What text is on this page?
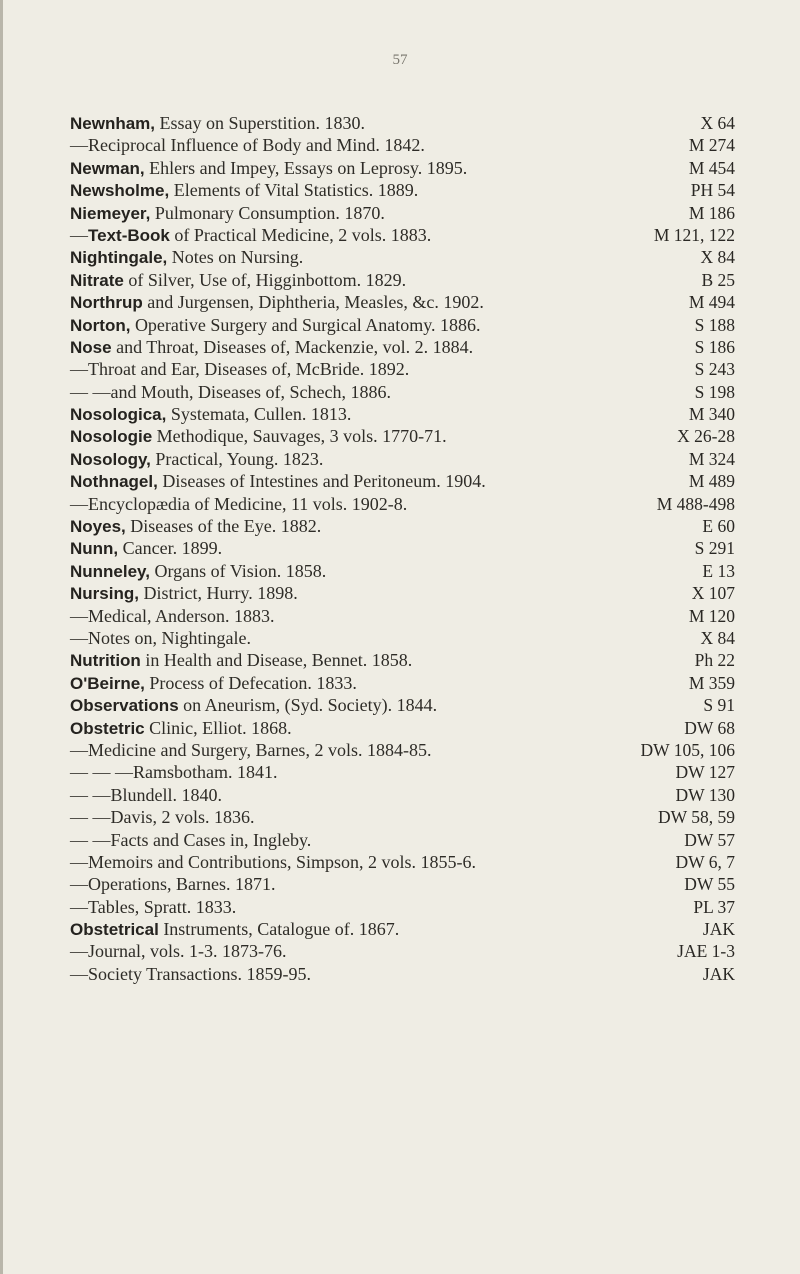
57
Newnham, Essay on Superstition. 1830.	X 64
—Reciprocal Influence of Body and Mind. 1842.	M 274
Newman, Ehlers and Impey, Essays on Leprosy. 1895.	M 454
Newsholme, Elements of Vital Statistics. 1889.	PH 54
Niemeyer, Pulmonary Consumption. 1870.	M 186
—Text-Book of Practical Medicine, 2 vols. 1883.	M 121, 122
Nightingale, Notes on Nursing.	X 84
Nitrate of Silver, Use of, Higginbottom. 1829.	B 25
Northrup and Jurgensen, Diphtheria, Measles, &c. 1902.	M 494
Norton, Operative Surgery and Surgical Anatomy. 1886.	S 188
Nose and Throat, Diseases of, Mackenzie, vol. 2. 1884.	S 186
—Throat and Ear, Diseases of, McBride. 1892.	S 243
— —and Mouth, Diseases of, Schech, 1886.	S 198
Nosologica, Systemata, Cullen. 1813.	M 340
Nosologie Methodique, Sauvages, 3 vols. 1770-71.	X 26-28
Nosology, Practical, Young. 1823.	M 324
Nothnagel, Diseases of Intestines and Peritoneum. 1904.	M 489
—Encyclopædia of Medicine, 11 vols. 1902-8.	M 488-498
Noyes, Diseases of the Eye. 1882.	E 60
Nunn, Cancer. 1899.	S 291
Nunneley, Organs of Vision. 1858.	E 13
Nursing, District, Hurry. 1898.	X 107
—Medical, Anderson. 1883.	M 120
—Notes on, Nightingale.	X 84
Nutrition in Health and Disease, Bennet. 1858.	Ph 22
O'Beirne, Process of Defecation. 1833.	M 359
Observations on Aneurism, (Syd. Society). 1844.	S 91
Obstetric Clinic, Elliot. 1868.	DW 68
—Medicine and Surgery, Barnes, 2 vols. 1884-85.	DW 105, 106
— — —Ramsbotham. 1841.	DW 127
— —Blundell. 1840.	DW 130
— —Davis, 2 vols. 1836.	DW 58, 59
— —Facts and Cases in, Ingleby.	DW 57
—Memoirs and Contributions, Simpson, 2 vols. 1855-6.	DW 6, 7
—Operations, Barnes. 1871.	DW 55
—Tables, Spratt. 1833.	PL 37
Obstetrical Instruments, Catalogue of. 1867.	JAK
—Journal, vols. 1-3. 1873-76.	JAE 1-3
—Society Transactions. 1859-95.	JAK
